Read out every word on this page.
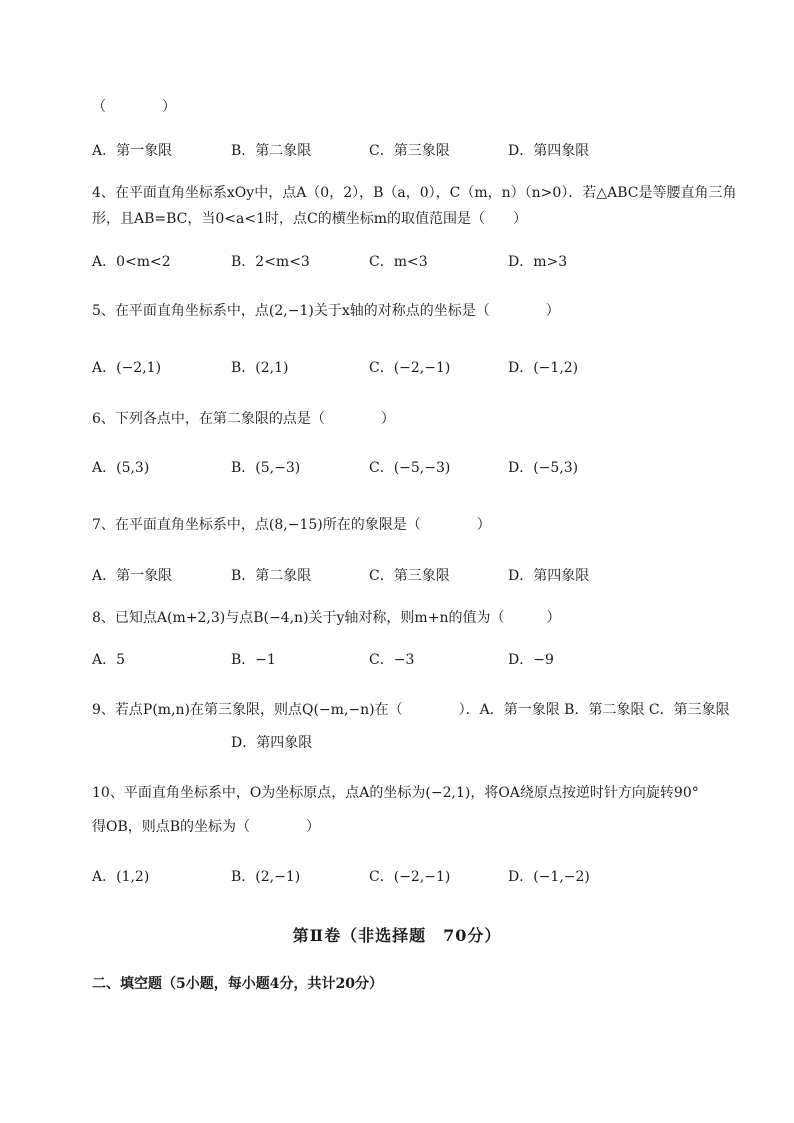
（　　　　）
A．第一象限	B．第二象限	C．第三象限	D．第四象限
4、在平面直角坐标系xOy中，点A（0，2），B（a，0），C（m，n）（n>0）．若△ABC是等腰直角三角
形，且AB=BC，当0<a<1时，点C的横坐标m的取值范围是（　　）
A．0<m<2	B．2<m<3	C．m<3	D．m>3
5、在平面直角坐标系中，点(2,−1)关于x轴的对称点的坐标是（　　　　）
A．(−2,1)	B．(2,1)	C．(−2,−1)	D．(−1,2)
6、下列各点中，在第二象限的点是（　　　　）
A．(5,3)	B．(5,−3)	C．(−5,−3)	D．(−5,3)
7、在平面直角坐标系中，点(8,−15)所在的象限是（　　　　）
A．第一象限	B．第二象限	C．第三象限	D．第四象限
8、已知点A(m+2,3)与点B(−4,n)关于y轴对称，则m+n的值为（　　　）
A．5	B．−1	C．−3	D．−9
9、若点P(m,n)在第三象限，则点Q(−m,−n)在（　　　　）．A．第一象限 B．第二象限 C．第三象限
D．第四象限
10、平面直角坐标系中，O为坐标原点，点A的坐标为(−2,1)，将OA绕原点按逆时针方向旋转90°
得OB，则点B的坐标为（　　　　）
A．(1,2)	B．(2,−1)	C．(−2,−1)	D．(−1,−2)
第Ⅱ卷（非选择题　70分）
二、填空题（5小题，每小题4分，共计20分）
